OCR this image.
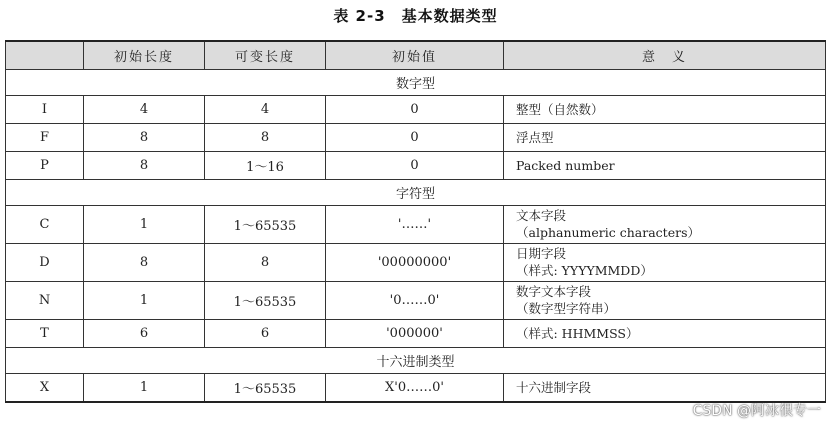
表 2-3　基本数据类型
	初始长度	可变长度	初始值	意　义
数字型				
I	4	4	0	整型（自然数）

F	8	8	0	浮点型

P	8	1～16	0	Packed number

字符型				
C	1	1～65535	'……'	文本字段
（alphanumeric characters）

D	8	8	'00000000'	日期字段
（样式: YYYYMMDD）

N	1	1～65535	'0……0'	数字文本字段
（数字型字符串）

T	6	6	'000000'	（样式: HHMMSS）

十六进制类型				
X	1	1～65535	X'0……0'	十六进制字段
CSDN @阿冰很专一
